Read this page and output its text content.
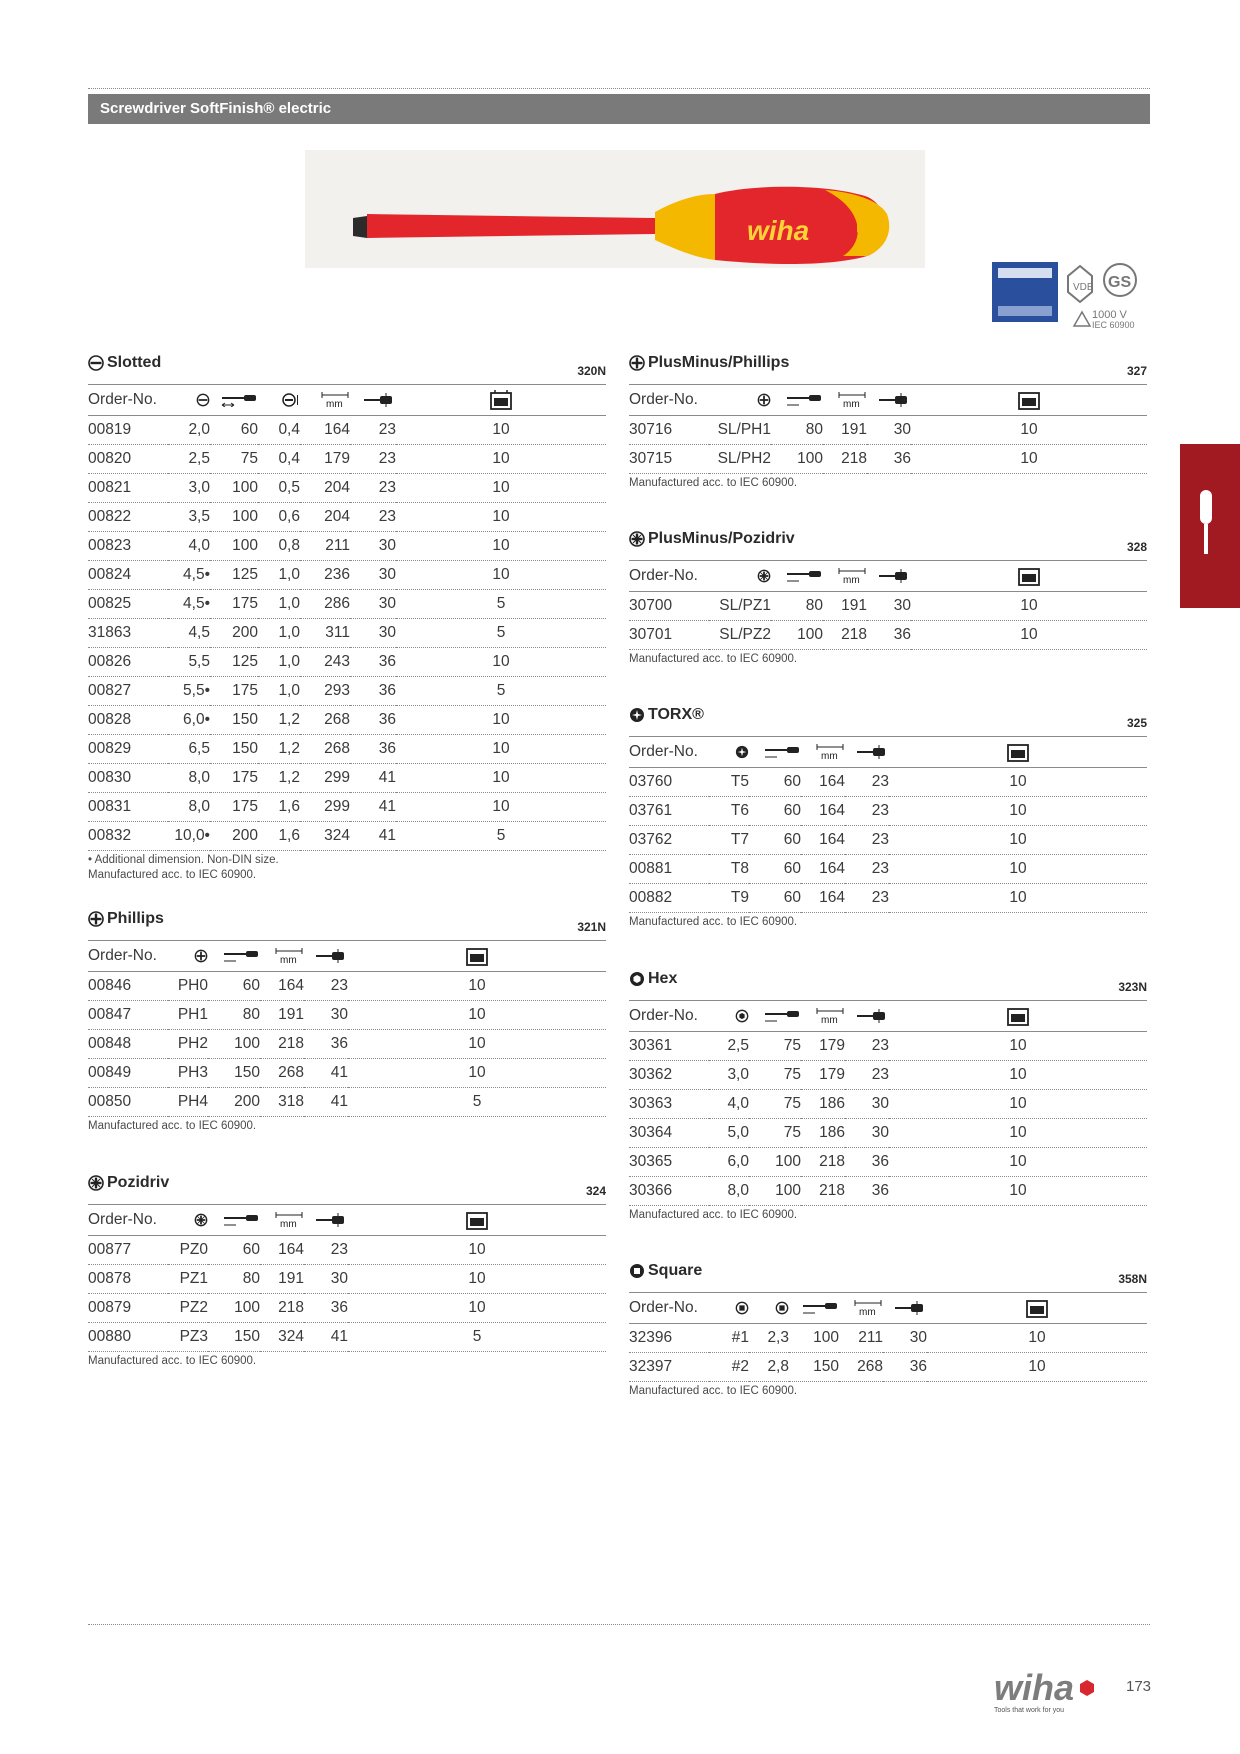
Screwdriver SoftFinish® electric
wiha
VDE GS
1000 V
IEC 60900
Slotted	320N
Order-No.				mm

00819	2,0	60	0,4	164	23	10
00820	2,5	75	0,4	179	23	10
00821	3,0	100	0,5	204	23	10
00822	3,5	100	0,6	204	23	10
00823	4,0	100	0,8	211	30	10
00824	4,5•	125	1,0	236	30	10
00825	4,5•	175	1,0	286	30	5
31863	4,5	200	1,0	311	30	5
00826	5,5	125	1,0	243	36	10
00827	5,5•	175	1,0	293	36	5
00828	6,0•	150	1,2	268	36	10
00829	6,5	150	1,2	268	36	10
00830	8,0	175	1,2	299	41	10
00831	8,0	175	1,6	299	41	10
00832	10,0•	200	1,6	324	41	5
• Additional dimension. Non-DIN size.
Manufactured acc. to IEC 60900.
Phillips	321N
Order-No.			mm

00846	PH0	60	164	23	10
00847	PH1	80	191	30	10
00848	PH2	100	218	36	10
00849	PH3	150	268	41	10
00850	PH4	200	318	41	5
Manufactured acc. to IEC 60900.
Pozidriv	324
Order-No.			mm

00877	PZ0	60	164	23	10
00878	PZ1	80	191	30	10
00879	PZ2	100	218	36	10
00880	PZ3	150	324	41	5
Manufactured acc. to IEC 60900.
PlusMinus/Phillips	327
Order-No.			mm

30716	SL/PH1	80	191	30	10
30715	SL/PH2	100	218	36	10
Manufactured acc. to IEC 60900.
PlusMinus/Pozidriv	328
Order-No.			mm

30700	SL/PZ1	80	191	30	10
30701	SL/PZ2	100	218	36	10
Manufactured acc. to IEC 60900.
TORX®	325
Order-No.			mm

03760	T5	60	164	23	10
03761	T6	60	164	23	10
03762	T7	60	164	23	10
00881	T8	60	164	23	10
00882	T9	60	164	23	10
Manufactured acc. to IEC 60900.
Hex	323N
Order-No.			mm

30361	2,5	75	179	23	10
30362	3,0	75	179	23	10
30363	4,0	75	186	30	10
30364	5,0	75	186	30	10
30365	6,0	100	218	36	10
30366	8,0	100	218	36	10
Manufactured acc. to IEC 60900.
Square	358N
Order-No.				mm

32396	#1	2,3	100	211	30	10
32397	#2	2,8	150	268	36	10
Manufactured acc. to IEC 60900.
wiha
Tools that work for you
173
